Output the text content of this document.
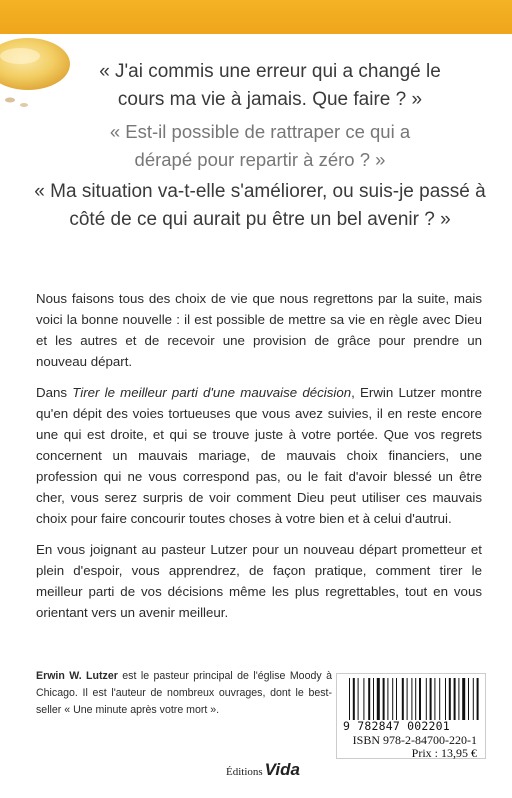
« J'ai commis une erreur qui a changé le cours ma vie à jamais. Que faire ? »
« Est-il possible de rattraper ce qui a dérapé pour repartir à zéro ? »
« Ma situation va-t-elle s'améliorer, ou suis-je passé à côté de ce qui aurait pu être un bel avenir ? »

Nous faisons tous des choix de vie que nous regrettons par la suite, mais voici la bonne nouvelle : il est possible de mettre sa vie en règle avec Dieu et les autres et de recevoir une provision de grâce pour prendre un nouveau départ.

Dans Tirer le meilleur parti d'une mauvaise décision, Erwin Lutzer montre qu'en dépit des voies tortueuses que vous avez suivies, il en reste encore une qui est droite, et qui se trouve juste à votre portée. Que vos regrets concernent un mauvais mariage, de mauvais choix financiers, une profession qui ne vous correspond pas, ou le fait d'avoir blessé un être cher, vous serez surpris de voir comment Dieu peut utiliser ces mauvais choix pour faire concourir toutes choses à votre bien et à celui d'autrui.

En vous joignant au pasteur Lutzer pour un nouveau départ prometteur et plein d'espoir, vous apprendrez, de façon pratique, comment tirer le meilleur parti de vos décisions même les plus regrettables, tout en vous orientant vers un avenir meilleur.

Erwin W. Lutzer est le pasteur principal de l'église Moody à Chicago. Il est l'auteur de nombreux ouvrages, dont le best-seller « Une minute après votre mort ».
9 782847 002201
ISBN 978-2-84700-220-1
Prix : 13,95 €
Éditions Vida
